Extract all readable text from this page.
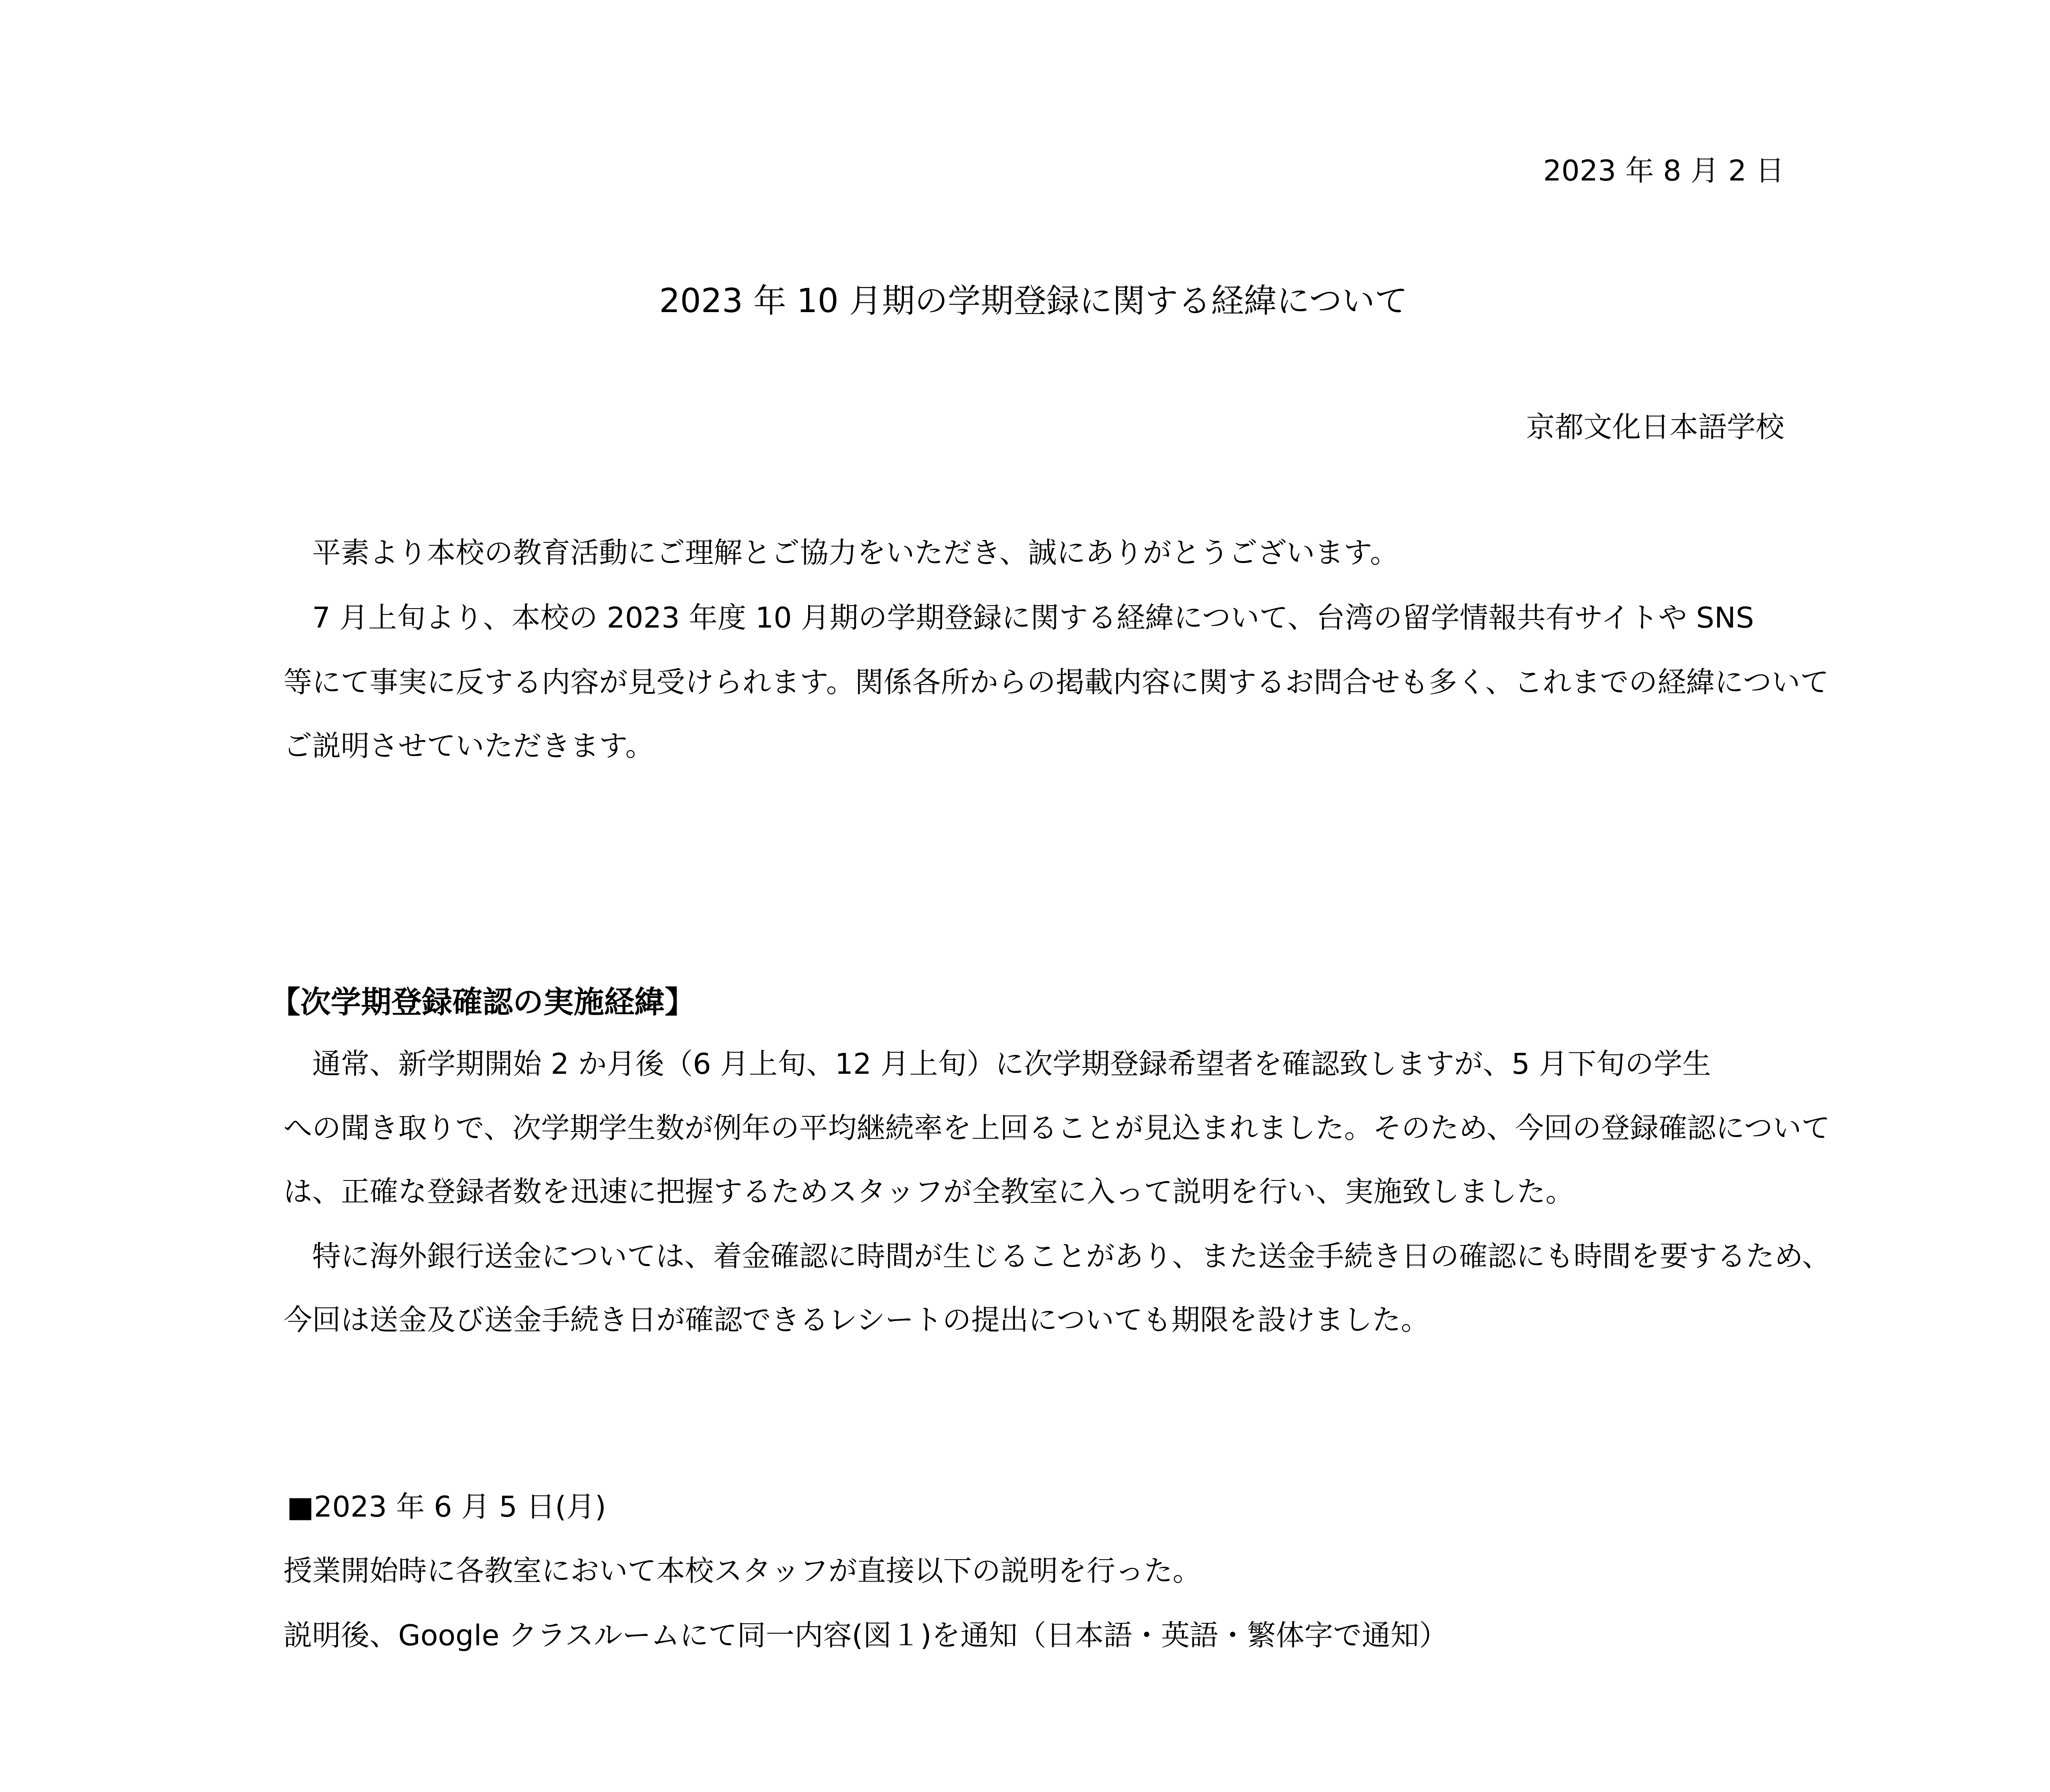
2023 年 8 月 2 日
2023 年 10 月期の学期登録に関する経緯について
京都文化日本語学校
　平素より本校の教育活動にご理解とご協力をいただき、誠にありがとうございます。
　7 月上旬より、本校の 2023 年度 10 月期の学期登録に関する経緯について、台湾の留学情報共有サイトや SNS
等にて事実に反する内容が見受けられます。関係各所からの掲載内容に関するお問合せも多く、これまでの経緯について
ご説明させていただきます。
【次学期登録確認の実施経緯】
　通常、新学期開始 2 か月後（6 月上旬、12 月上旬）に次学期登録希望者を確認致しますが、5 月下旬の学生
への聞き取りで、次学期学生数が例年の平均継続率を上回ることが見込まれました。そのため、今回の登録確認について
は、正確な登録者数を迅速に把握するためスタッフが全教室に入って説明を行い、実施致しました。
　特に海外銀行送金については、着金確認に時間が生じることがあり、また送金手続き日の確認にも時間を要するため、
今回は送金及び送金手続き日が確認できるレシートの提出についても期限を設けました。
■2023 年 6 月 5 日(月)
授業開始時に各教室において本校スタッフが直接以下の説明を行った。
説明後、Google クラスルームにて同一内容(図１)を通知（日本語・英語・繁体字で通知）
